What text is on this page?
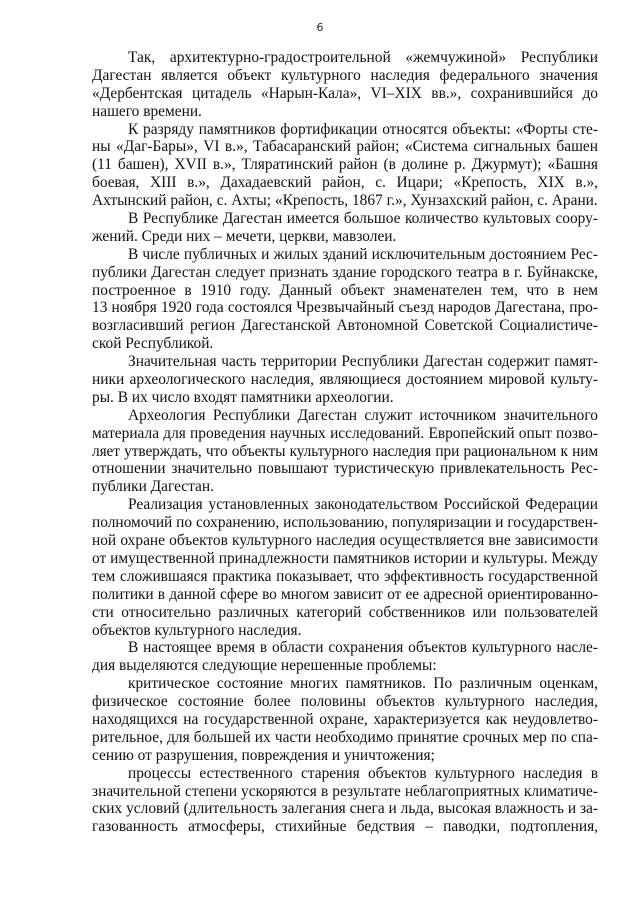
6
Так, архитектурно-градостроительной «жемчужиной» Республики
Дагестан является объект культурного наследия федерального значения
«Дербентская цитадель «Нарын-Кала», VI–XIX вв.», сохранившийся до
нашего времени.
К разряду памятников фортификации относятся объекты: «Форты сте-
ны «Даг-Бары», VI в.», Табасаранский район; «Система сигнальных башен
(11 башен), XVII в.», Тляратинский район (в долине р. Джурмут); «Башня
боевая, XIII в.», Дахадаевский район, с. Ицари; «Крепость, XIX в.»,
Ахтынский район, с. Ахты; «Крепость, 1867 г.», Хунзахский район, с. Арани.
В Республике Дагестан имеется большое количество культовых соору-
жений. Среди них – мечети, церкви, мавзолеи.
В числе публичных и жилых зданий исключительным достоянием Рес-
публики Дагестан следует признать здание городского театра в г. Буйнакске,
построенное в 1910 году. Данный объект знаменателен тем, что в нем
13 ноября 1920 года состоялся Чрезвычайный съезд народов Дагестана, про-
возгласивший регион Дагестанской Автономной Советской Социалистиче-
ской Республикой.
Значительная часть территории Республики Дагестан содержит памят-
ники археологического наследия, являющиеся достоянием мировой культу-
ры. В их число входят памятники археологии.
Археология Республики Дагестан служит источником значительного
материала для проведения научных исследований. Европейский опыт позво-
ляет утверждать, что объекты культурного наследия при рациональном к ним
отношении значительно повышают туристическую привлекательность Рес-
публики Дагестан.
Реализация установленных законодательством Российской Федерации
полномочий по сохранению, использованию, популяризации и государствен-
ной охране объектов культурного наследия осуществляется вне зависимости
от имущественной принадлежности памятников истории и культуры. Между
тем сложившаяся практика показывает, что эффективность государственной
политики в данной сфере во многом зависит от ее адресной ориентированно-
сти относительно различных категорий собственников или пользователей
объектов культурного наследия.
В настоящее время в области сохранения объектов культурного насле-
дия выделяются следующие нерешенные проблемы:
критическое состояние многих памятников. По различным оценкам,
физическое состояние более половины объектов культурного наследия,
находящихся на государственной охране, характеризуется как неудовлетво-
рительное, для большей их части необходимо принятие срочных мер по спа-
сению от разрушения, повреждения и уничтожения;
процессы естественного старения объектов культурного наследия в
значительной степени ускоряются в результате неблагоприятных климатиче-
ских условий (длительность залегания снега и льда, высокая влажность и за-
газованность атмосферы, стихийные бедствия – паводки, подтопления,
